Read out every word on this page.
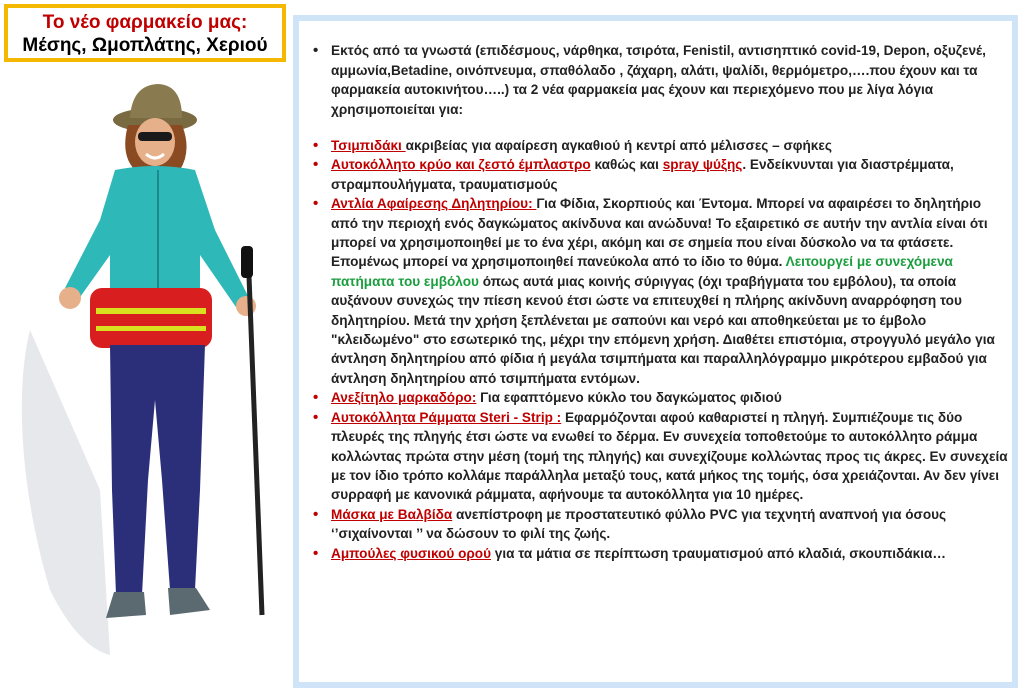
Το νέο φαρμακείο μας:
Μέσης, Ωμοπλάτης, Χεριού

•	Εκτός από τα γνωστά (επιδέσμους, νάρθηκα, τσιρότα, Fenistil, αντισηπτικό covid-19, Depon, οξυζενέ, αμμωνία,Betadine, οινόπνευμα, σπαθόλαδο , ζάχαρη, αλάτι, ψαλίδι, θερμόμετρο,….που έχουν και τα φαρμακεία αυτοκινήτου…..) τα 2 νέα φαρμακεία μας έχουν και περιεχόμενο που με λίγα λόγια χρησιμοποιείται για:

• Τσιμπιδάκι ακριβείας για αφαίρεση αγκαθιού ή κεντρί από μέλισσες – σφήκες
• Αυτοκόλλητο κρύο και ζεστό έμπλαστρο καθώς και spray ψύξης. Ενδείκνυνται για διαστρέμματα, στραμπουλήγματα, τραυματισμούς
• Αντλία Αφαίρεσης Δηλητηρίου: Για Φίδια, Σκορπιούς και Έντομα. Μπορεί να αφαιρέσει το δηλητήριο από την περιοχή ενός δαγκώματος ακίνδυνα και ανώδυνα! Το εξαιρετικό σε αυτήν την αντλία είναι ότι μπορεί να χρησιμοποιηθεί με το ένα χέρι, ακόμη και σε σημεία που είναι δύσκολο να τα φτάσετε. Επομένως μπορεί να χρησιμοποιηθεί πανεύκολα από το ίδιο το θύμα. Λειτουργεί με συνεχόμενα πατήματα του εμβόλου όπως αυτά μιας κοινής σύριγγας (όχι τραβήγματα του εμβόλου), τα οποία αυξάνουν συνεχώς την πίεση κενού έτσι ώστε να επιτευχθεί η πλήρης ακίνδυνη αναρρόφηση του δηλητηρίου. Μετά την χρήση ξεπλένεται με σαπούνι και νερό και αποθηκεύεται με το έμβολο "κλειδωμένο" στο εσωτερικό της, μέχρι την επόμενη χρήση. Διαθέτει επιστόμια, στρογγυλό μεγάλο για άντληση δηλητηρίου από φίδια ή μεγάλα τσιμπήματα και παραλληλόγραμμο μικρότερου εμβαδού για άντληση δηλητηρίου από τσιμπήματα εντόμων.
• Ανεξίτηλο μαρκαδόρο: Για εφαπτόμενο κύκλο του δαγκώματος φιδιού
• Αυτοκόλλητα Ράμματα Steri - Strip : Εφαρμόζονται αφού καθαριστεί η πληγή. Συμπιέζουμε τις δύο πλευρές της πληγής έτσι ώστε να ενωθεί το δέρμα. Εν συνεχεία τοποθετούμε το αυτοκόλλητο ράμμα κολλώντας πρώτα στην μέση (τομή της πληγής) και συνεχίζουμε κολλώντας προς τις άκρες. Εν συνεχεία με τον ίδιο τρόπο κολλάμε παράλληλα μεταξύ τους, κατά μήκος της τομής, όσα χρειάζονται. Αν δεν γίνει συρραφή με κανονικά ράμματα, αφήνουμε τα αυτοκόλλητα για 10 ημέρες.
• Μάσκα με Βαλβίδα ανεπίστροφη με προστατευτικό φύλλο PVC για τεχνητή αναπνοή για όσους ‘’σιχαίνονται ’’ να δώσουν το φιλί της ζωής.
• Αμπούλες φυσικού ορού για τα μάτια σε περίπτωση τραυματισμού από κλαδιά, σκουπιδάκια…
